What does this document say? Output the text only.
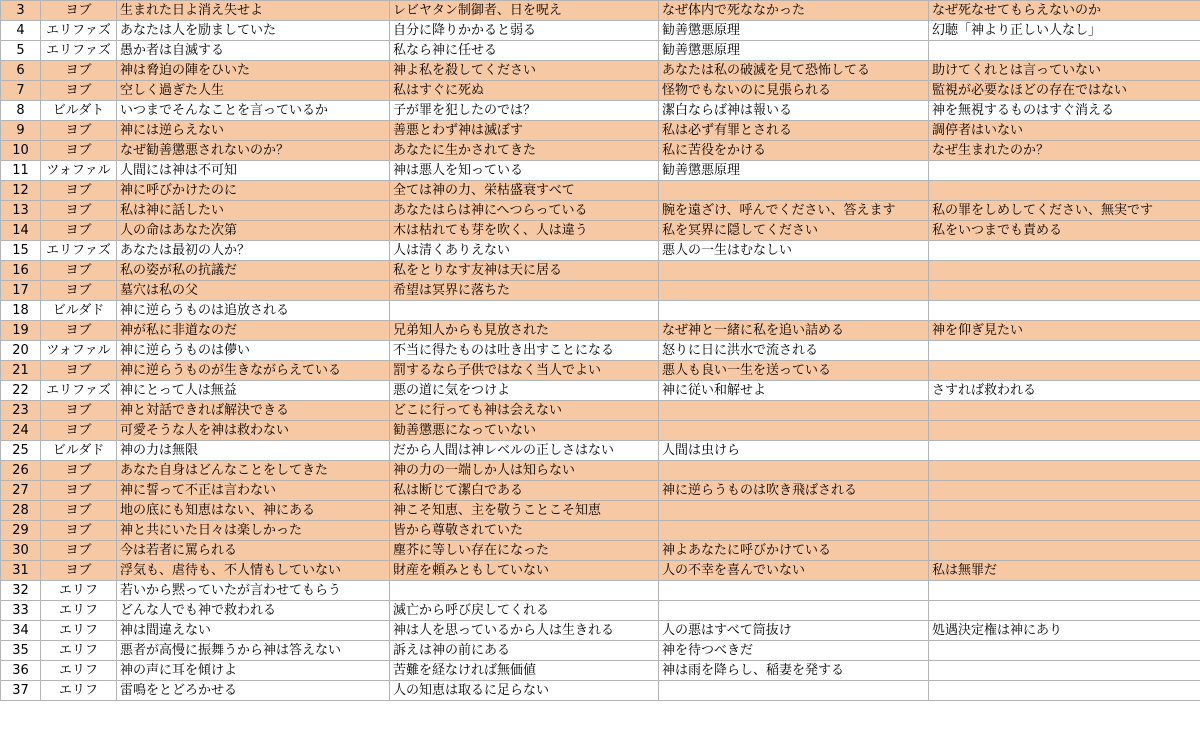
3	ヨブ	生まれた日よ消え失せよ	レビヤタン制御者、日を呪え	なぜ体内で死ななかった	なぜ死なせてもらえないのか
4	エリファズ	あなたは人を励ましていた	自分に降りかかると弱る	勧善懲悪原理	幻聴「神より正しい人なし」
5	エリファズ	愚か者は自滅する	私なら神に任せる	勧善懲悪原理	
6	ヨブ	神は脅迫の陣をひいた	神よ私を殺してください	あなたは私の破滅を見て恐怖してる	助けてくれとは言っていない
7	ヨブ	空しく過ぎた人生	私はすぐに死ぬ	怪物でもないのに見張られる	監視が必要なほどの存在ではない
8	ビルダト	いつまでそんなことを言っているか	子が罪を犯したのでは？	潔白ならば神は報いる	神を無視するものはすぐ消える
9	ヨブ	神には逆らえない	善悪とわず神は滅ぼす	私は必ず有罪とされる	調停者はいない
10	ヨブ	なぜ勧善懲悪されないのか？	あなたに生かされてきた	私に苦役をかける	なぜ生まれたのか？
11	ツォファル	人間には神は不可知	神は悪人を知っている	勧善懲悪原理	
12	ヨブ	神に呼びかけたのに	全ては神の力、栄枯盛衰すべて		
13	ヨブ	私は神に話したい	あなたはらは神にへつらっている	腕を遠ざけ、呼んでください、答えます	私の罪をしめしてください、無実です
14	ヨブ	人の命はあなた次第	木は枯れても芽を吹く、人は違う	私を冥界に隠してください	私をいつまでも責める
15	エリファズ	あなたは最初の人か？	人は清くありえない	悪人の一生はむなしい	
16	ヨブ	私の姿が私の抗議だ	私をとりなす友神は天に居る		
17	ヨブ	墓穴は私の父	希望は冥界に落ちた		
18	ビルダド	神に逆らうものは追放される			
19	ヨブ	神が私に非道なのだ	兄弟知人からも見放された	なぜ神と一緒に私を追い詰める	神を仰ぎ見たい
20	ツォファル	神に逆らうものは儚い	不当に得たものは吐き出すことになる	怒りに日に洪水で流される	
21	ヨブ	神に逆らうものが生きながらえている	罰するなら子供ではなく当人でよい	悪人も良い一生を送っている	
22	エリファズ	神にとって人は無益	悪の道に気をつけよ	神に従い和解せよ	さすれば救われる
23	ヨブ	神と対話できれば解決できる	どこに行っても神は会えない		
24	ヨブ	可愛そうな人を神は救わない	勧善懲悪になっていない		
25	ビルダド	神の力は無限	だから人間は神レベルの正しさはない	人間は虫けら	
26	ヨブ	あなた自身はどんなことをしてきた	神の力の一端しか人は知らない		
27	ヨブ	神に誓って不正は言わない	私は断じて潔白である	神に逆らうものは吹き飛ばされる	
28	ヨブ	地の底にも知恵はない、神にある	神こそ知恵、主を敬うことこそ知恵		
29	ヨブ	神と共にいた日々は楽しかった	皆から尊敬されていた		
30	ヨブ	今は若者に罵られる	塵芥に等しい存在になった	神よあなたに呼びかけている	
31	ヨブ	浮気も、虐待も、不人情もしていない	財産を頼みともしていない	人の不幸を喜んでいない	私は無罪だ
32	エリフ	若いから黙っていたが言わせてもらう			
33	エリフ	どんな人でも神で救われる	滅亡から呼び戻してくれる		
34	エリフ	神は間違えない	神は人を思っているから人は生きれる	人の悪はすべて筒抜け	処遇決定権は神にあり
35	エリフ	悪者が高慢に振舞うから神は答えない	訴えは神の前にある	神を待つべきだ	
36	エリフ	神の声に耳を傾けよ	苦難を経なければ無価値	神は雨を降らし、稲妻を発する	
37	エリフ	雷鳴をとどろかせる	人の知恵は取るに足らない		
